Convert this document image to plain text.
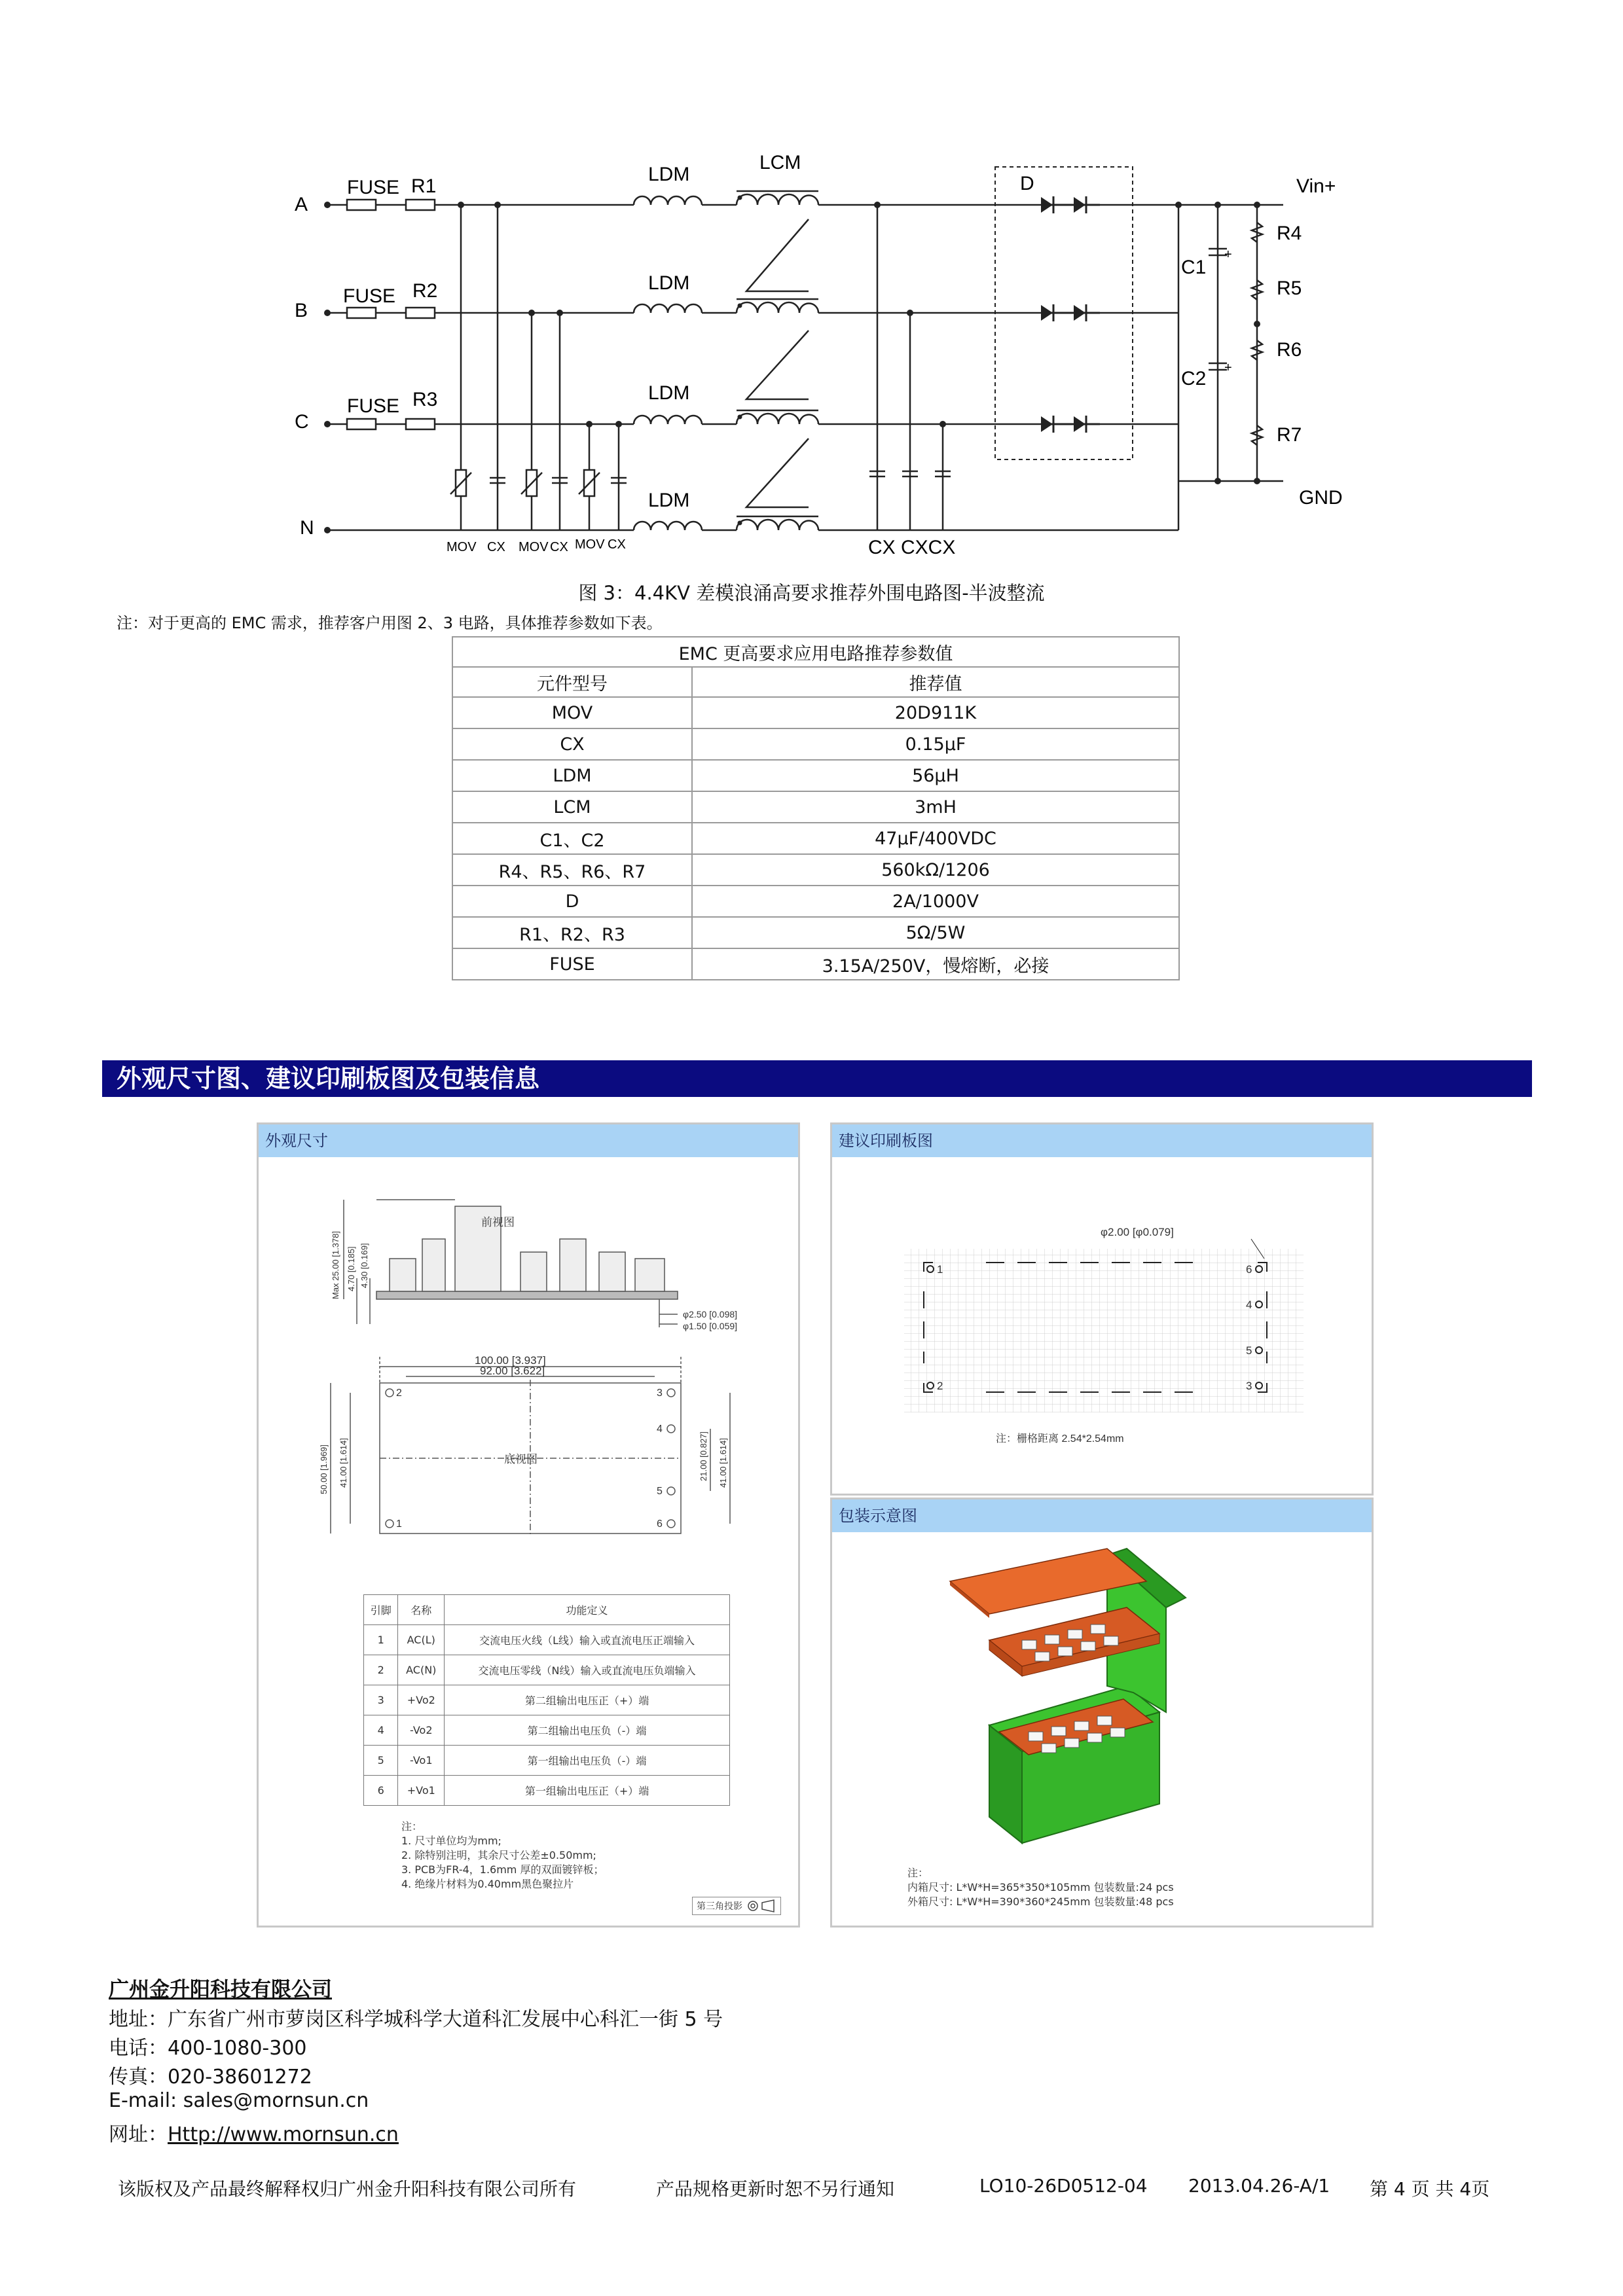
A
B
C
N
FUSE
FUSE
FUSE
R1
R2
R3
LDM
LDM
LDM
LDM
LCM
D	Vin+
GND
C1
C2
R4
R5
R6
R7
CX CXCX
+
+
MOV CX MOV CX MOV CX
图 3：4.4KV 差模浪涌高要求推荐外围电路图-半波整流
注：对于更高的 EMC 需求，推荐客户用图 2、3 电路，具体推荐参数如下表。
EMC 更高要求应用电路推荐参数值	
元件型号	推荐值
MOV	20D911K
CX	0.15μF
LDM	56μH
LCM	3mH
C1、C2	47μF/400VDC
R4、R5、R6、R7	560kΩ/1206
D	2A/1000V
R1、R2、R3	5Ω/5W
FUSE	3.15A/250V，慢熔断，必接
外观尺寸图、建议印刷板图及包装信息
外观尺寸
前视图
底视图
100.00 [3.937]
92.00 [3.622]
φ2.50 [0.098]
φ1.50 [0.059]
1
2	3
4
5
6
Max 25.00 [1.378] 4.70 [0.185] 4.30 [0.169]
50.00 [1.969] 41.00 [1.614]	21.00 [0.827] 41.00 [1.614]
引脚	名称	功能定义
1	AC(L)	交流电压火线（L线）输入或直流电压正端输入
2	AC(N)	交流电压零线（N线）输入或直流电压负端输入
3	+Vo2	第二组输出电压正（+）端
4	-Vo2	第二组输出电压负（-）端
5	-Vo1	第一组输出电压负（-）端
6	+Vo1	第一组输出电压正（+）端
注：
1. 尺寸单位均为mm;
2. 除特别注明，其余尺寸公差±0.50mm;
3. PCB为FR-4，1.6mm 厚的双面镀锌板；
4. 绝缘片材料为0.40mm黑色聚拉片
第三角投影
建议印刷板图
φ2.00 [φ0.079]
1
2	3
4
5
6
注：栅格距离 2.54*2.54mm
包装示意图
注：
内箱尺寸: L*W*H=365*350*105mm 包装数量:24 pcs
外箱尺寸: L*W*H=390*360*245mm 包装数量:48 pcs
广州金升阳科技有限公司
地址：广东省广州市萝岗区科学城科学大道科汇发展中心科汇一街 5 号
电话：400-1080-300
传真：020-38601272
E-mail: sales@mornsun.cn
网址：Http://www.mornsun.cn
该版权及产品最终解释权归广州金升阳科技有限公司所有	产品规格更新时恕不另行通知	LO10-26D0512-04 2013.04.26-A/1 第 4 页 共 4页
